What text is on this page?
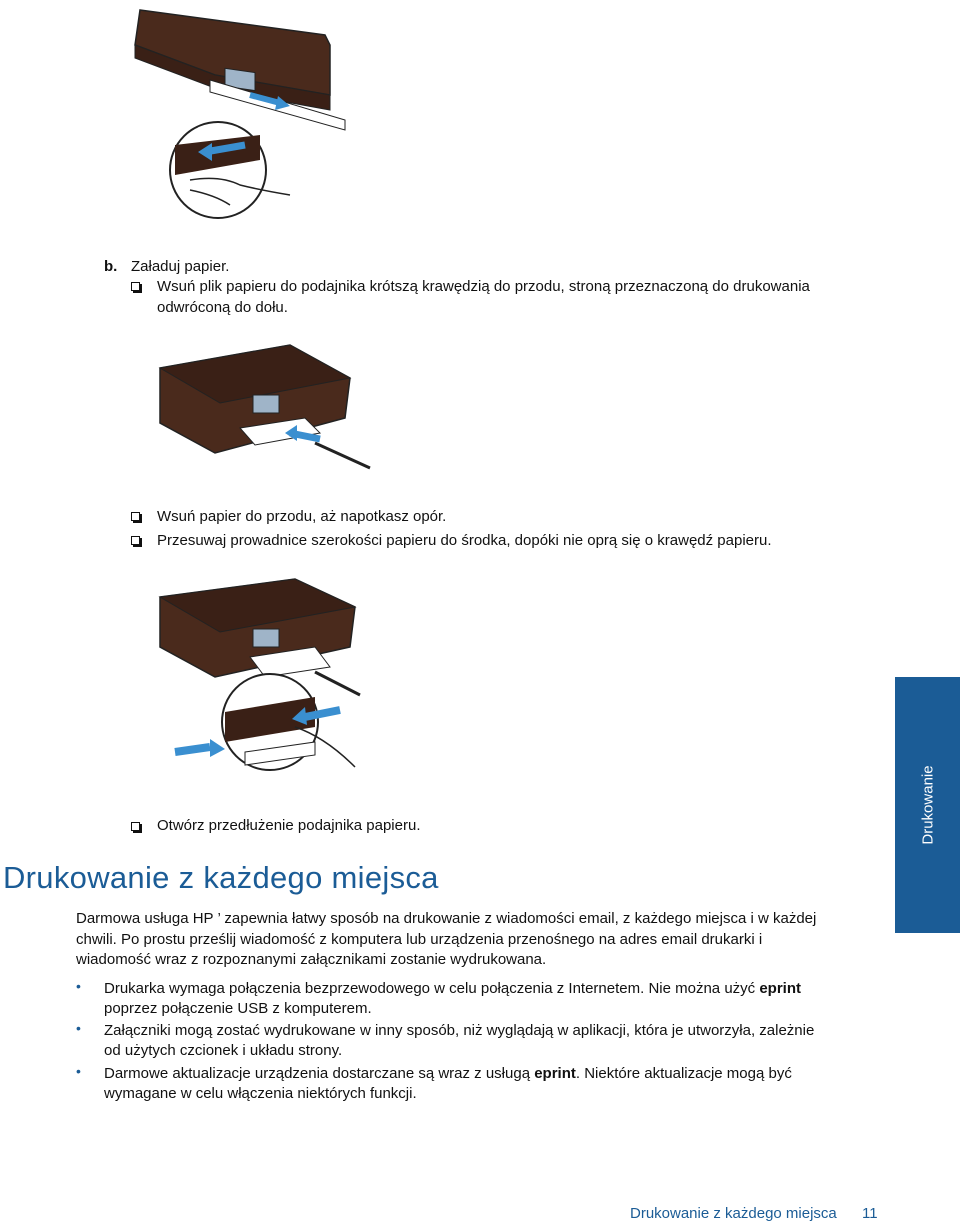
b. Załaduj papier.
Wsuń plik papieru do podajnika krótszą krawędzią do przodu, stroną przeznaczoną do drukowania
odwróconą do dołu.
Wsuń papier do przodu, aż napotkasz opór.
Przesuwaj prowadnice szerokości papieru do środka, dopóki nie oprą się o krawędź papieru.
Otwórz przedłużenie podajnika papieru.
Drukowanie z każdego miejsca
Darmowa usługa HP ’ zapewnia łatwy sposób na drukowanie z wiadomości email, z każdego miejsca i w każdej
chwili. Po prostu prześlij wiadomość z komputera lub urządzenia przenośnego na adres email drukarki i
wiadomość wraz z rozpoznanymi załącznikami zostanie wydrukowana.
• Drukarka wymaga połączenia bezprzewodowego w celu połączenia z Internetem. Nie można użyć eprint
poprzez połączenie USB z komputerem.
• Załączniki mogą zostać wydrukowane w inny sposób, niż wyglądają w aplikacji, która je utworzyła, zależnie
od użytych czcionek i układu strony.
• Darmowe aktualizacje urządzenia dostarczane są wraz z usługą eprint. Niektóre aktualizacje mogą być
wymagane w celu włączenia niektórych funkcji.
Drukowanie
Drukowanie z każdego miejsca 11
